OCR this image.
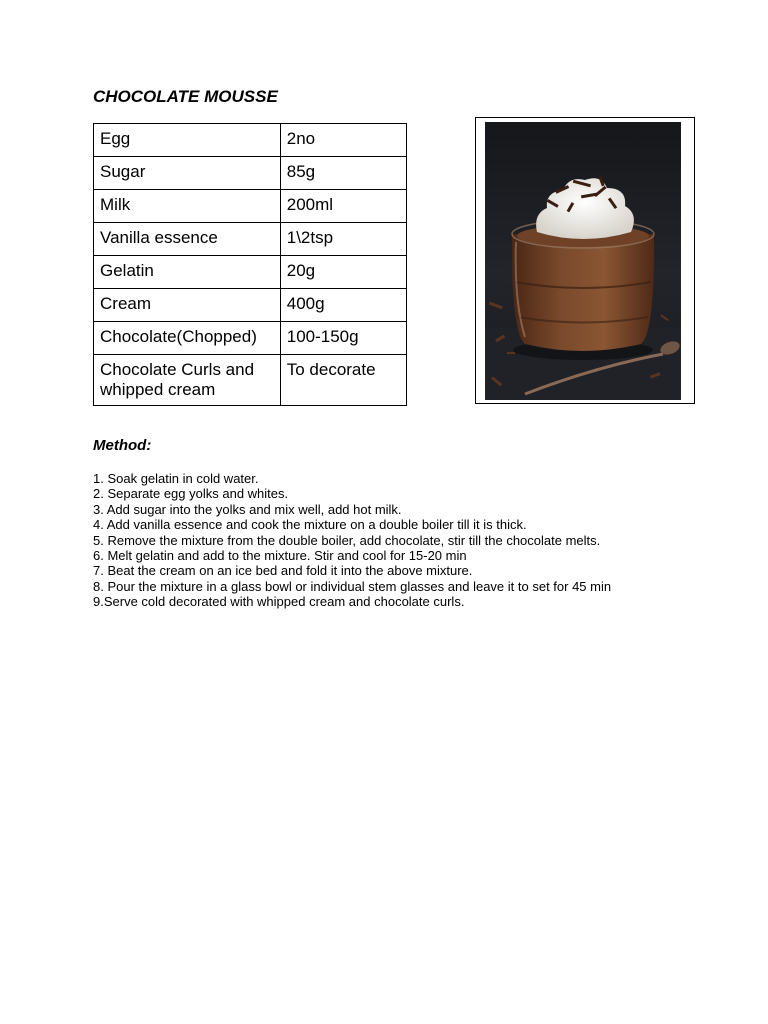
CHOCOLATE MOUSSE
Egg	2no
Sugar	85g
Milk	200ml
Vanilla essence	1\2tsp
Gelatin	20g
Cream	400g
Chocolate(Chopped)	100-150g
Chocolate Curls and whipped cream	To decorate
Method:
1. Soak gelatin in cold water.
2. Separate egg yolks and whites.
3. Add sugar into the yolks and mix well, add hot milk.
4. Add vanilla essence and cook the mixture on a double boiler till it is thick.
5. Remove the mixture from the double boiler, add chocolate, stir till the chocolate melts.
6. Melt gelatin and add to the mixture. Stir and cool for 15-20 min
7. Beat the cream on an ice bed and fold it into the above mixture.
8. Pour the mixture in a glass bowl or individual stem glasses and leave it to set for 45 min
9.Serve cold decorated with whipped cream and chocolate curls.
